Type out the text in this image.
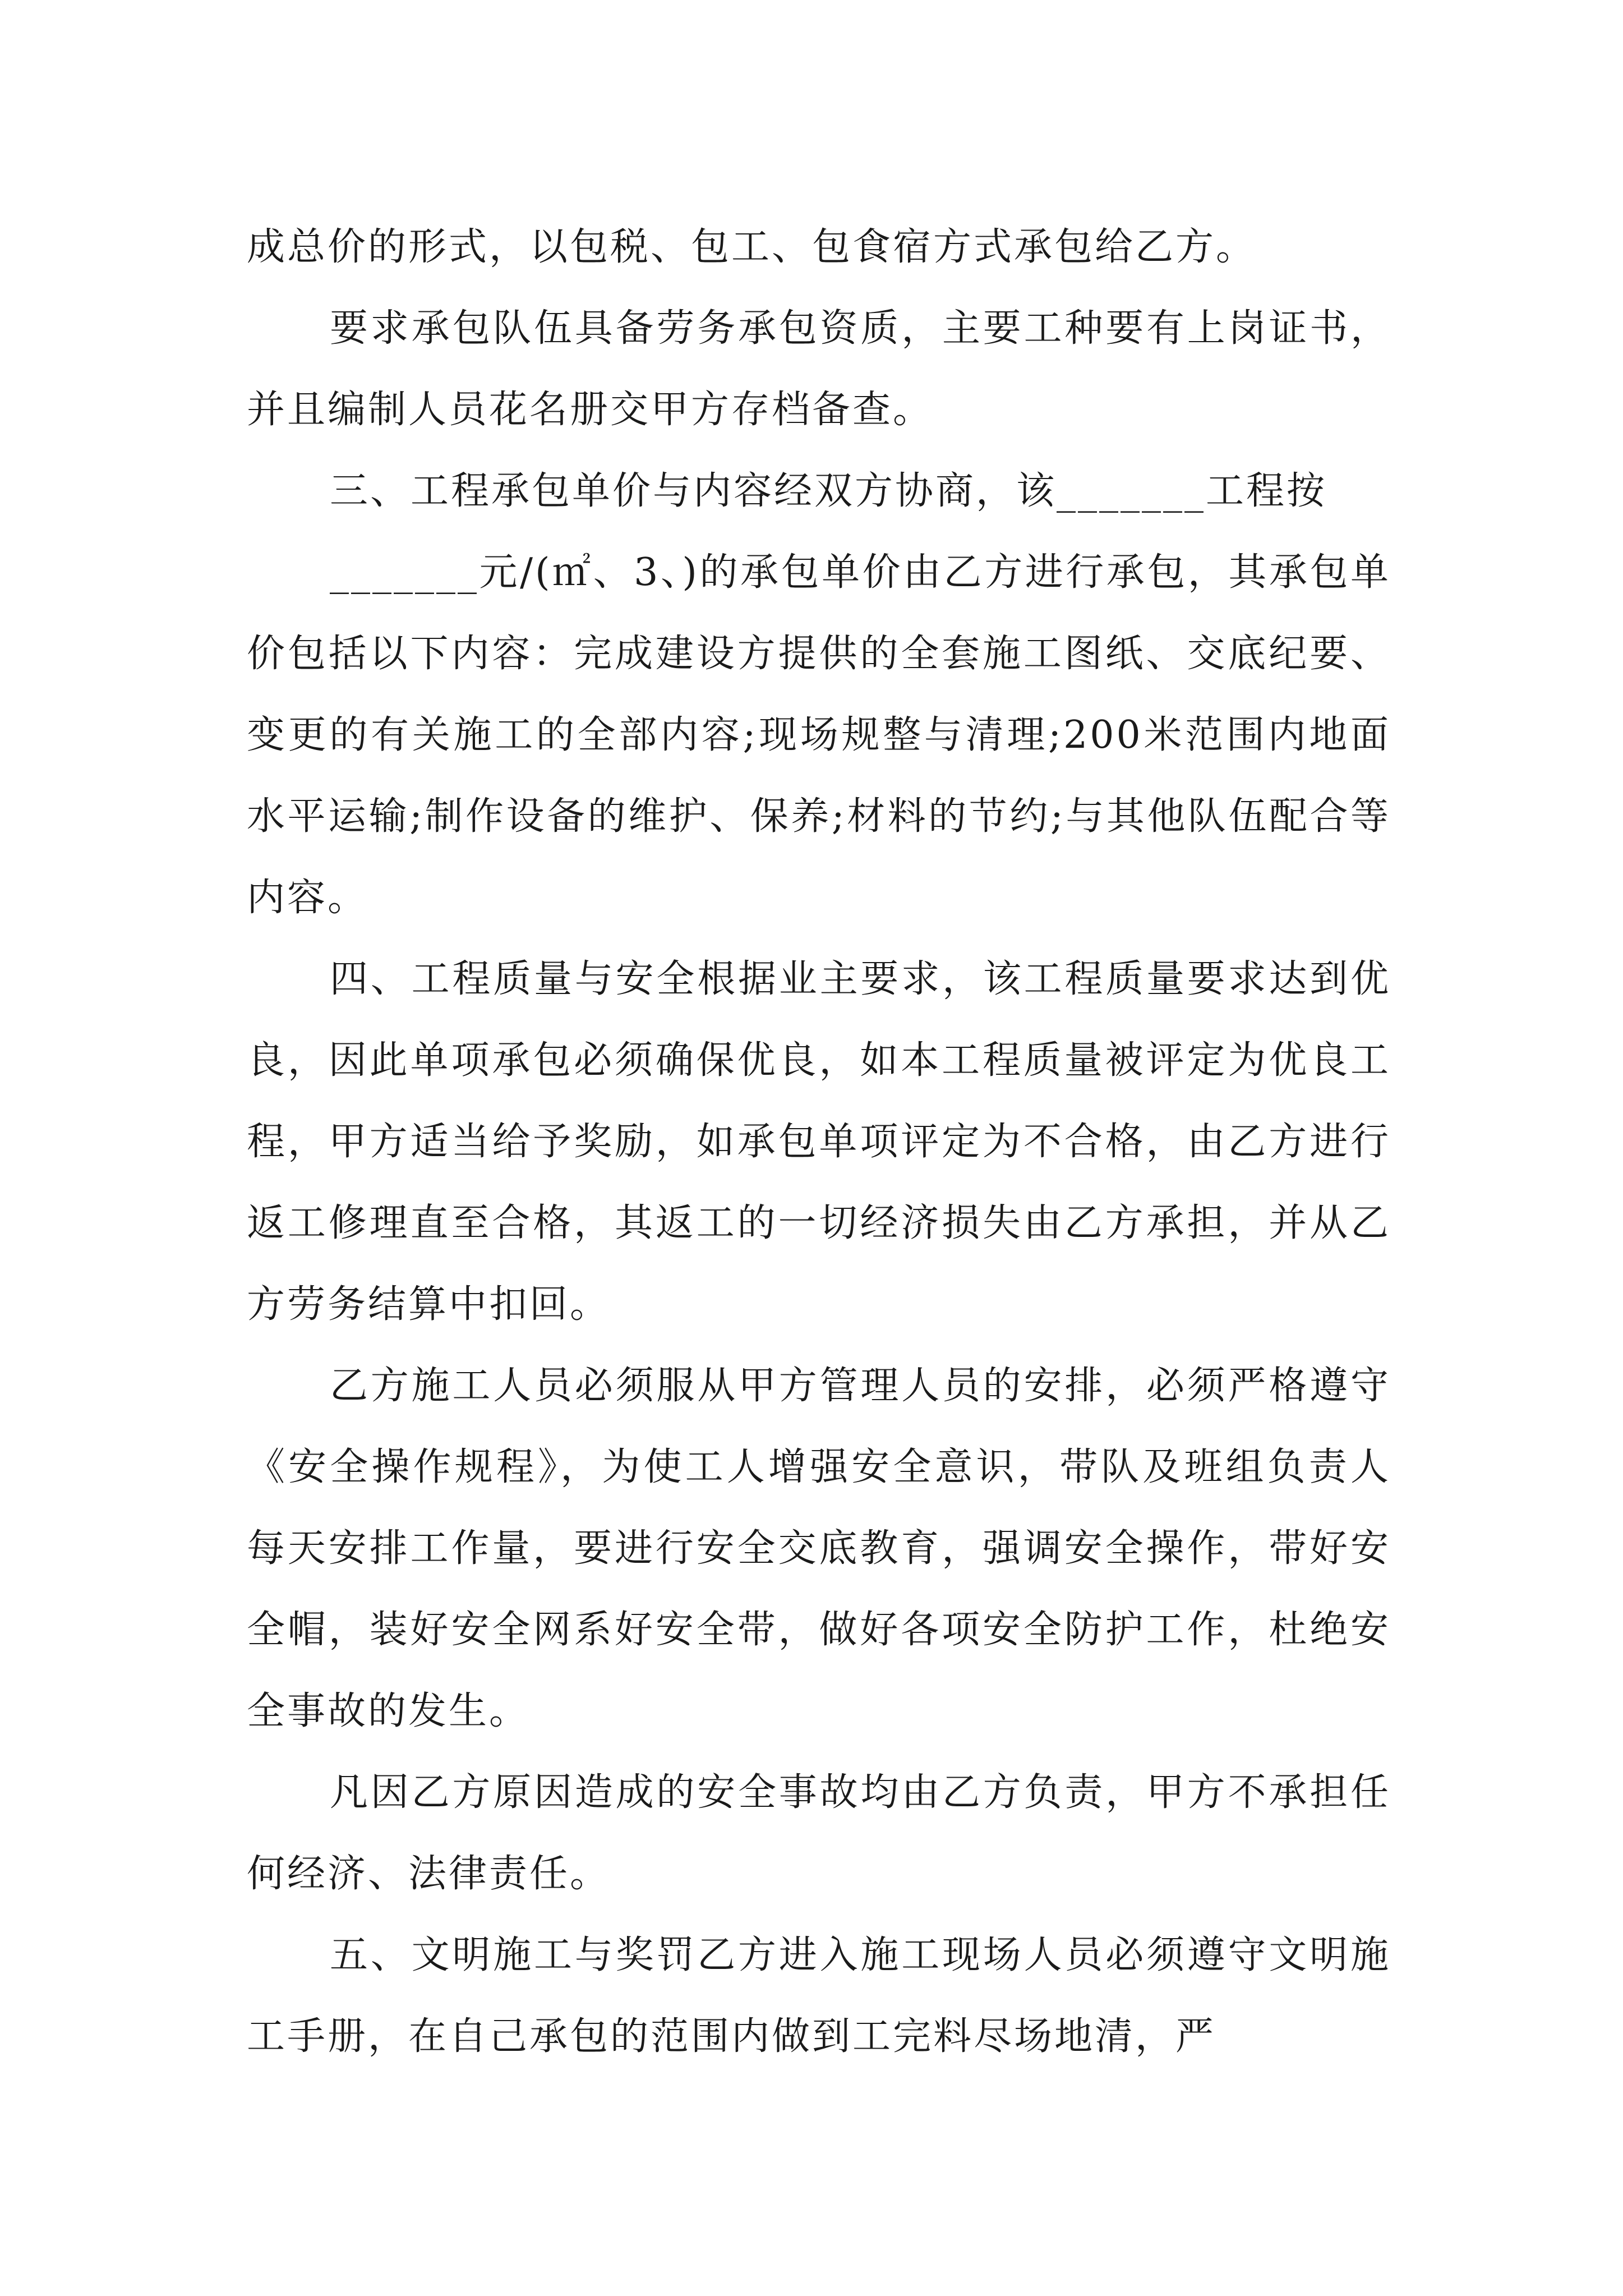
成总价的形式，以包税、包工、包食宿方式承包给乙方。

要求承包队伍具备劳务承包资质，主要工种要有上岗证书，并且编制人员花名册交甲方存档备查。

三、工程承包单价与内容经双方协商，该_______工程按

_______元/(㎡、3、)的承包单价由乙方进行承包，其承包单价包括以下内容：完成建设方提供的全套施工图纸、交底纪要、变更的有关施工的全部内容;现场规整与清理;200米范围内地面水平运输;制作设备的维护、保养;材料的节约;与其他队伍配合等内容。

四、工程质量与安全根据业主要求，该工程质量要求达到优良，因此单项承包必须确保优良，如本工程质量被评定为优良工程，甲方适当给予奖励，如承包单项评定为不合格，由乙方进行返工修理直至合格，其返工的一切经济损失由乙方承担，并从乙方劳务结算中扣回。

乙方施工人员必须服从甲方管理人员的安排，必须严格遵守《安全操作规程》，为使工人增强安全意识，带队及班组负责人每天安排工作量，要进行安全交底教育，强调安全操作，带好安全帽，装好安全网系好安全带，做好各项安全防护工作，杜绝安全事故的发生。

凡因乙方原因造成的安全事故均由乙方负责，甲方不承担任何经济、法律责任。

五、文明施工与奖罚乙方进入施工现场人员必须遵守文明施工手册，在自己承包的范围内做到工完料尽场地清，严
